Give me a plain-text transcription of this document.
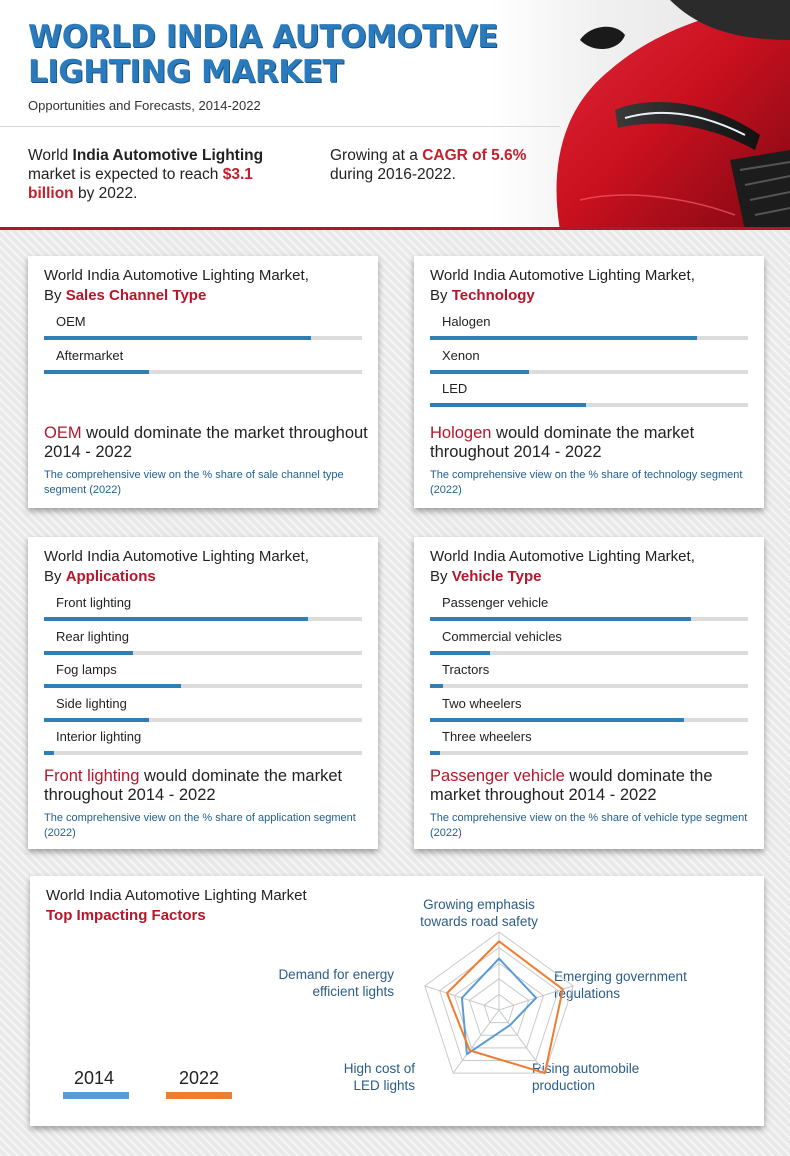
WORLD INDIA AUTOMOTIVE LIGHTING MARKET
Opportunities and Forecasts, 2014-2022
World India Automotive Lighting market is expected to reach $3.1 billion by 2022.
Growing at a CAGR of 5.6% during 2016-2022.
World India Automotive Lighting Market,
By Sales Channel Type
OEM would dominate the market throughout 2014 - 2022
The comprehensive view on the % share of sale channel type segment (2022)
OEM
Aftermarket
World India Automotive Lighting Market,
By Technology
Hologen would dominate the market throughout 2014 - 2022
The comprehensive view on the % share of technology segment (2022)
Halogen
Xenon
LED
World India Automotive Lighting Market,
By Applications
Front lighting would dominate the market throughout 2014 - 2022
The comprehensive view on the % share of application segment (2022)
Front lighting
Rear lighting
Fog lamps
Side lighting
Interior lighting
World India Automotive Lighting Market,
By Vehicle Type
Passenger vehicle would dominate the market throughout 2014 - 2022
The comprehensive view on the % share of vehicle type segment (2022)
Passenger vehicle
Commercial vehicles
Tractors
Two wheelers
Three wheelers
World India Automotive Lighting Market
Top Impacting Factors
2014	2022
Growing emphasis
towards road safety
Emerging government
regulations
Rising automobile
production
High cost of
LED lights
Demand for energy
efficient lights
